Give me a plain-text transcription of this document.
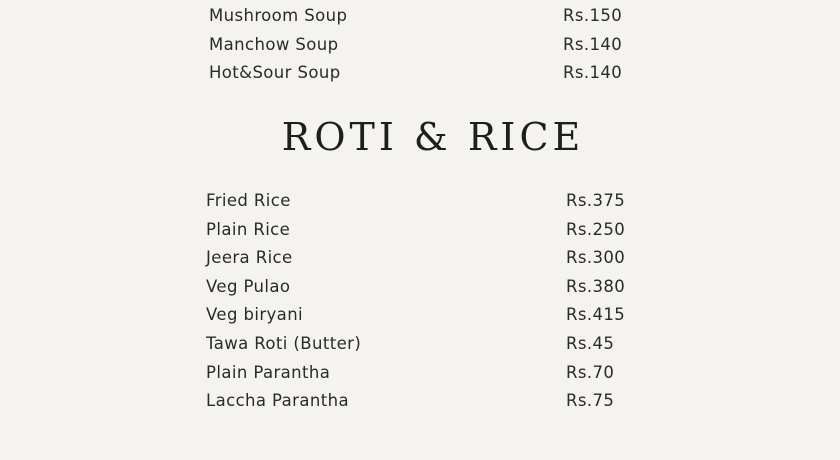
Mushroom Soup	Rs.150
Manchow Soup	Rs.140
Hot&Sour Soup	Rs.140
ROTI & RICE
Fried Rice	Rs.375
Plain Rice	Rs.250
Jeera Rice	Rs.300
Veg Pulao	Rs.380
Veg biryani	Rs.415
Tawa Roti (Butter)	Rs.45
Plain Parantha	Rs.70
Laccha Parantha	Rs.75
